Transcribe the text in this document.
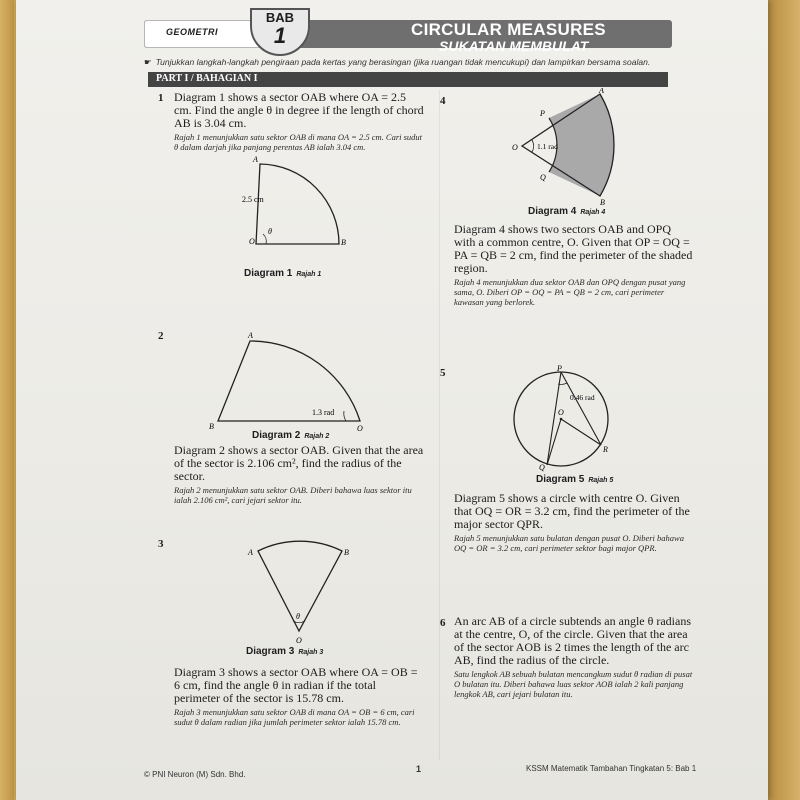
GEOMETRI
BAB
1	CIRCULAR MEASURES
SUKATAN MEMBULAT
☛ Tunjukkan langkah-langkah pengiraan pada kertas yang berasingan (jika ruangan tidak mencukupi) dan lampirkan bersama soalan.
PART I / BAHAGIAN I
1 Diagram 1 shows a sector OAB where OA = 2.5 cm. Find the angle θ in degree if the length of chord AB is 3.04 cm.
Rajah 1 menunjukkan satu sektor OAB di mana OA = 2.5 cm. Cari sudut θ dalam darjah jika panjang perentas AB ialah 3.04 cm.
A
O	B
θ
2.5 cm
Diagram 1 Rajah 1
2	A
B	O
1.3 rad
Diagram 2 Rajah 2
Diagram 2 shows a sector OAB. Given that the area of the sector is 2.106 cm², find the radius of the sector.
Rajah 2 menunjukkan satu sektor OAB. Diberi bahawa luas sektor itu ialah 2.106 cm², cari jejari sektor itu.
3
A	B
O
θ
Diagram 3 Rajah 3
Diagram 3 shows a sector OAB where OA = OB = 6 cm, find the angle θ in radian if the total perimeter of the sector is 15.78 cm.
Rajah 3 menunjukkan satu sektor OAB di mana OA = OB = 6 cm, cari sudut θ dalam radian jika jumlah perimeter sektor ialah 15.78 cm.
4
A
P
O
Q
B
1.1 rad
Diagram 4 Rajah 4
Diagram 4 shows two sectors OAB and OPQ with a common centre, O. Given that OP = OQ = PA = QB = 2 cm, find the perimeter of the shaded region.
Rajah 4 menunjukkan dua sektor OAB dan OPQ dengan pusat yang sama, O. Diberi OP = OQ = PA = QB = 2 cm, cari perimeter kawasan yang berlorek.
5	P
O
Q
R
0.46 rad
Diagram 5 Rajah 5
Diagram 5 shows a circle with centre O. Given that OQ = OR = 3.2 cm, find the perimeter of the major sector QPR.
Rajah 5 menunjukkan satu bulatan dengan pusat O. Diberi bahawa OQ = OR = 3.2 cm, cari perimeter sektor bagi major QPR.
6 An arc AB of a circle subtends an angle θ radians at the centre, O, of the circle. Given that the area of the sector AOB is 2 times the length of the arc AB, find the radius of the circle.
Satu lengkok AB sebuah bulatan mencangkum sudut θ radian di pusat O bulatan itu. Diberi bahawa luas sektor AOB ialah 2 kali panjang lengkok AB, cari jejari bulatan itu.
© PNI Neuron (M) Sdn. Bhd.
1	KSSM Matematik Tambahan Tingkatan 5: Bab 1
